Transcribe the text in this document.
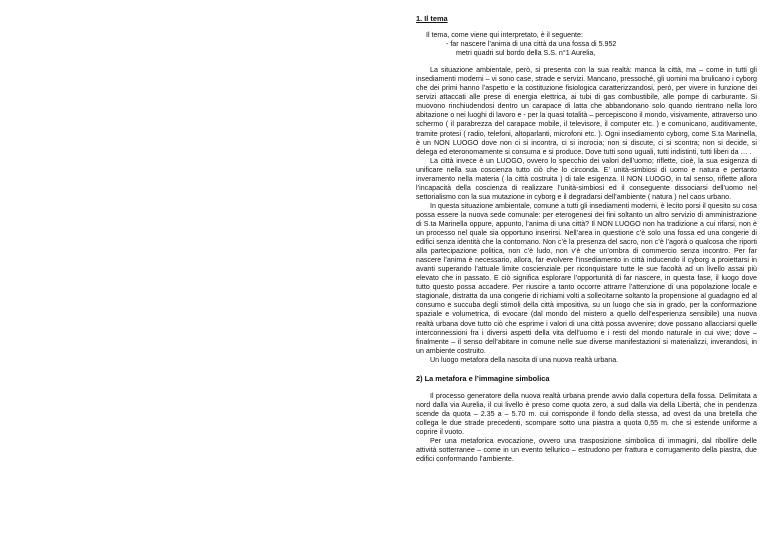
1. Il tema

Il tema, come viene qui interpretato, è il seguente:

- far nascere l’anima di una città da una fossa di 5.952

metri quadri sul bordo della S.S. n°1 Aurelia,

La situazione ambientale, però, si presenta con la sua realtà: manca la città, ma – come in tutti gli insediamenti moderni – vi sono case, strade e servizi. Mancano, pressoché, gli uomini ma brulicano i cyborg che dei primi hanno l’aspetto e la costituzione fisiologica caratterizzandosi, però, per vivere in funzione dei servizi attaccati alle prese di energia elettrica, ai tubi di gas combustibile, alle pompe di carburante. Si muovono rinchiudendosi dentro un carapace di latta che abbandonano solo quando rientrano nella loro abitazione o nei luoghi di lavoro e - per la quasi totalità – percepiscono il mondo, visivamente, attraverso uno schermo ( il parabrezza del carapace mobile, il televisore, il computer etc. ) e comunicano, auditivamente, tramite protesi ( radio, telefoni, altoparlanti, microfoni etc. ). Ogni insediamento cyborg, come S.ta Marinella, è un NON LUOGO dove non ci si incontra, ci si incrocia; non si discute, ci si scontra; non si decide, si delega ed eteronomamente si consuma e si produce. Dove tutti sono uguali, tutti indistinti, tutti liberi da … .

La città invece è un LUOGO, ovvero lo specchio dei valori dell’uomo; riflette, cioè, la sua esigenza di unificare nella sua coscienza tutto ciò che lo circonda. E’ unità-simbiosi di uomo e natura e pertanto inveramento nella materia ( la città costruita ) di tale esigenza. Il NON LUOGO, in tal senso, riflette allora l’incapacità della coscienza di realizzare l’unità-simbiosi ed il conseguente dissociarsi dell’uomo nel settorialismo con la sua mutazione in cyborg e il degradarsi dell’ambiente ( natura ) nel caos urbano.

In questa situazione ambientale, comune a tutti gli insediamenti moderni, è lecito porsi il quesito su cosa possa essere la nuova sede comunale: per eterogenesi dei fini soltanto un altro servizio di amministrazione di S.ta Marinella oppure, appunto, l’anima di una città? Il NON LUOGO non ha tradizione a cui rifarsi, non è un processo nel quale sia opportuno inserirsi. Nell’area in questione c’è solo una fossa ed una congerie di edifici senza identità che la contornano. Non c’è la presenza del sacro, non c’è l’agorà o qualcosa che riporti alla partecipazione politica, non c’è ludo, non v’è che un’ombra di commercio senza incontro. Per far nascere l’anima è necessario, allora, far evolvere l’insediamento in città inducendo il cyborg a proiettarsi in avanti superando l’attuale limite coscienziale per riconquistare tutte le sue facoltà ad un livello assai più elevato che in passato. E ciò significa esplorare l’opportunità di far nascere, in questa fase, il luogo dove tutto questo possa accadere. Per riuscire a tanto occorre attrarre l’attenzione di una popolazione locale e stagionale, distratta da una congerie di richiami volti a sollecitarne soltanto la propensione al guadagno ed al consumo e succuba degli stimoli della città impositiva, su un luogo che sia in grado, per la conformazione spaziale e volumetrica, di evocare (dal mondo del mistero a quello dell’esperienza sensibile) una nuova realtà urbana dove tutto ciò che esprime i valori di una città possa avvenire; dove possano allacciarsi quelle interconnessioni fra i diversi aspetti della vita dell’uomo e i resti del mondo naturale in cui vive; dove – finalmente – il senso dell’abitare in comune nelle sue diverse manifestazioni si materializzi, inverandosi, in un ambiente costruito.

Un luogo metafora della nascita di una nuova realtà urbana.

2) La metafora e l’immagine simbolica

Il processo generatore della nuova realtà urbana prende avvio dalla copertura della fossa. Delimitata a nord dalla via Aurelia, il cui livello è preso come quota zero, a sud dalla via della Libertà, che in pendenza scende da quota – 2.35 a – 5.70 m. cui corrisponde il fondo della stessa, ad ovest da una bretella che collega le due strade precedenti, scompare sotto una piastra a quota 0,55 m. che si estende uniforme a coprire il vuoto.

Per una metaforica evocazione, ovvero una trasposizione simbolica di immagini, dal ribollire delle attività sotterranee – come in un evento tellurico – estrudono per frattura e corrugamento della piastra, due edifici conformando l’ambiente.
